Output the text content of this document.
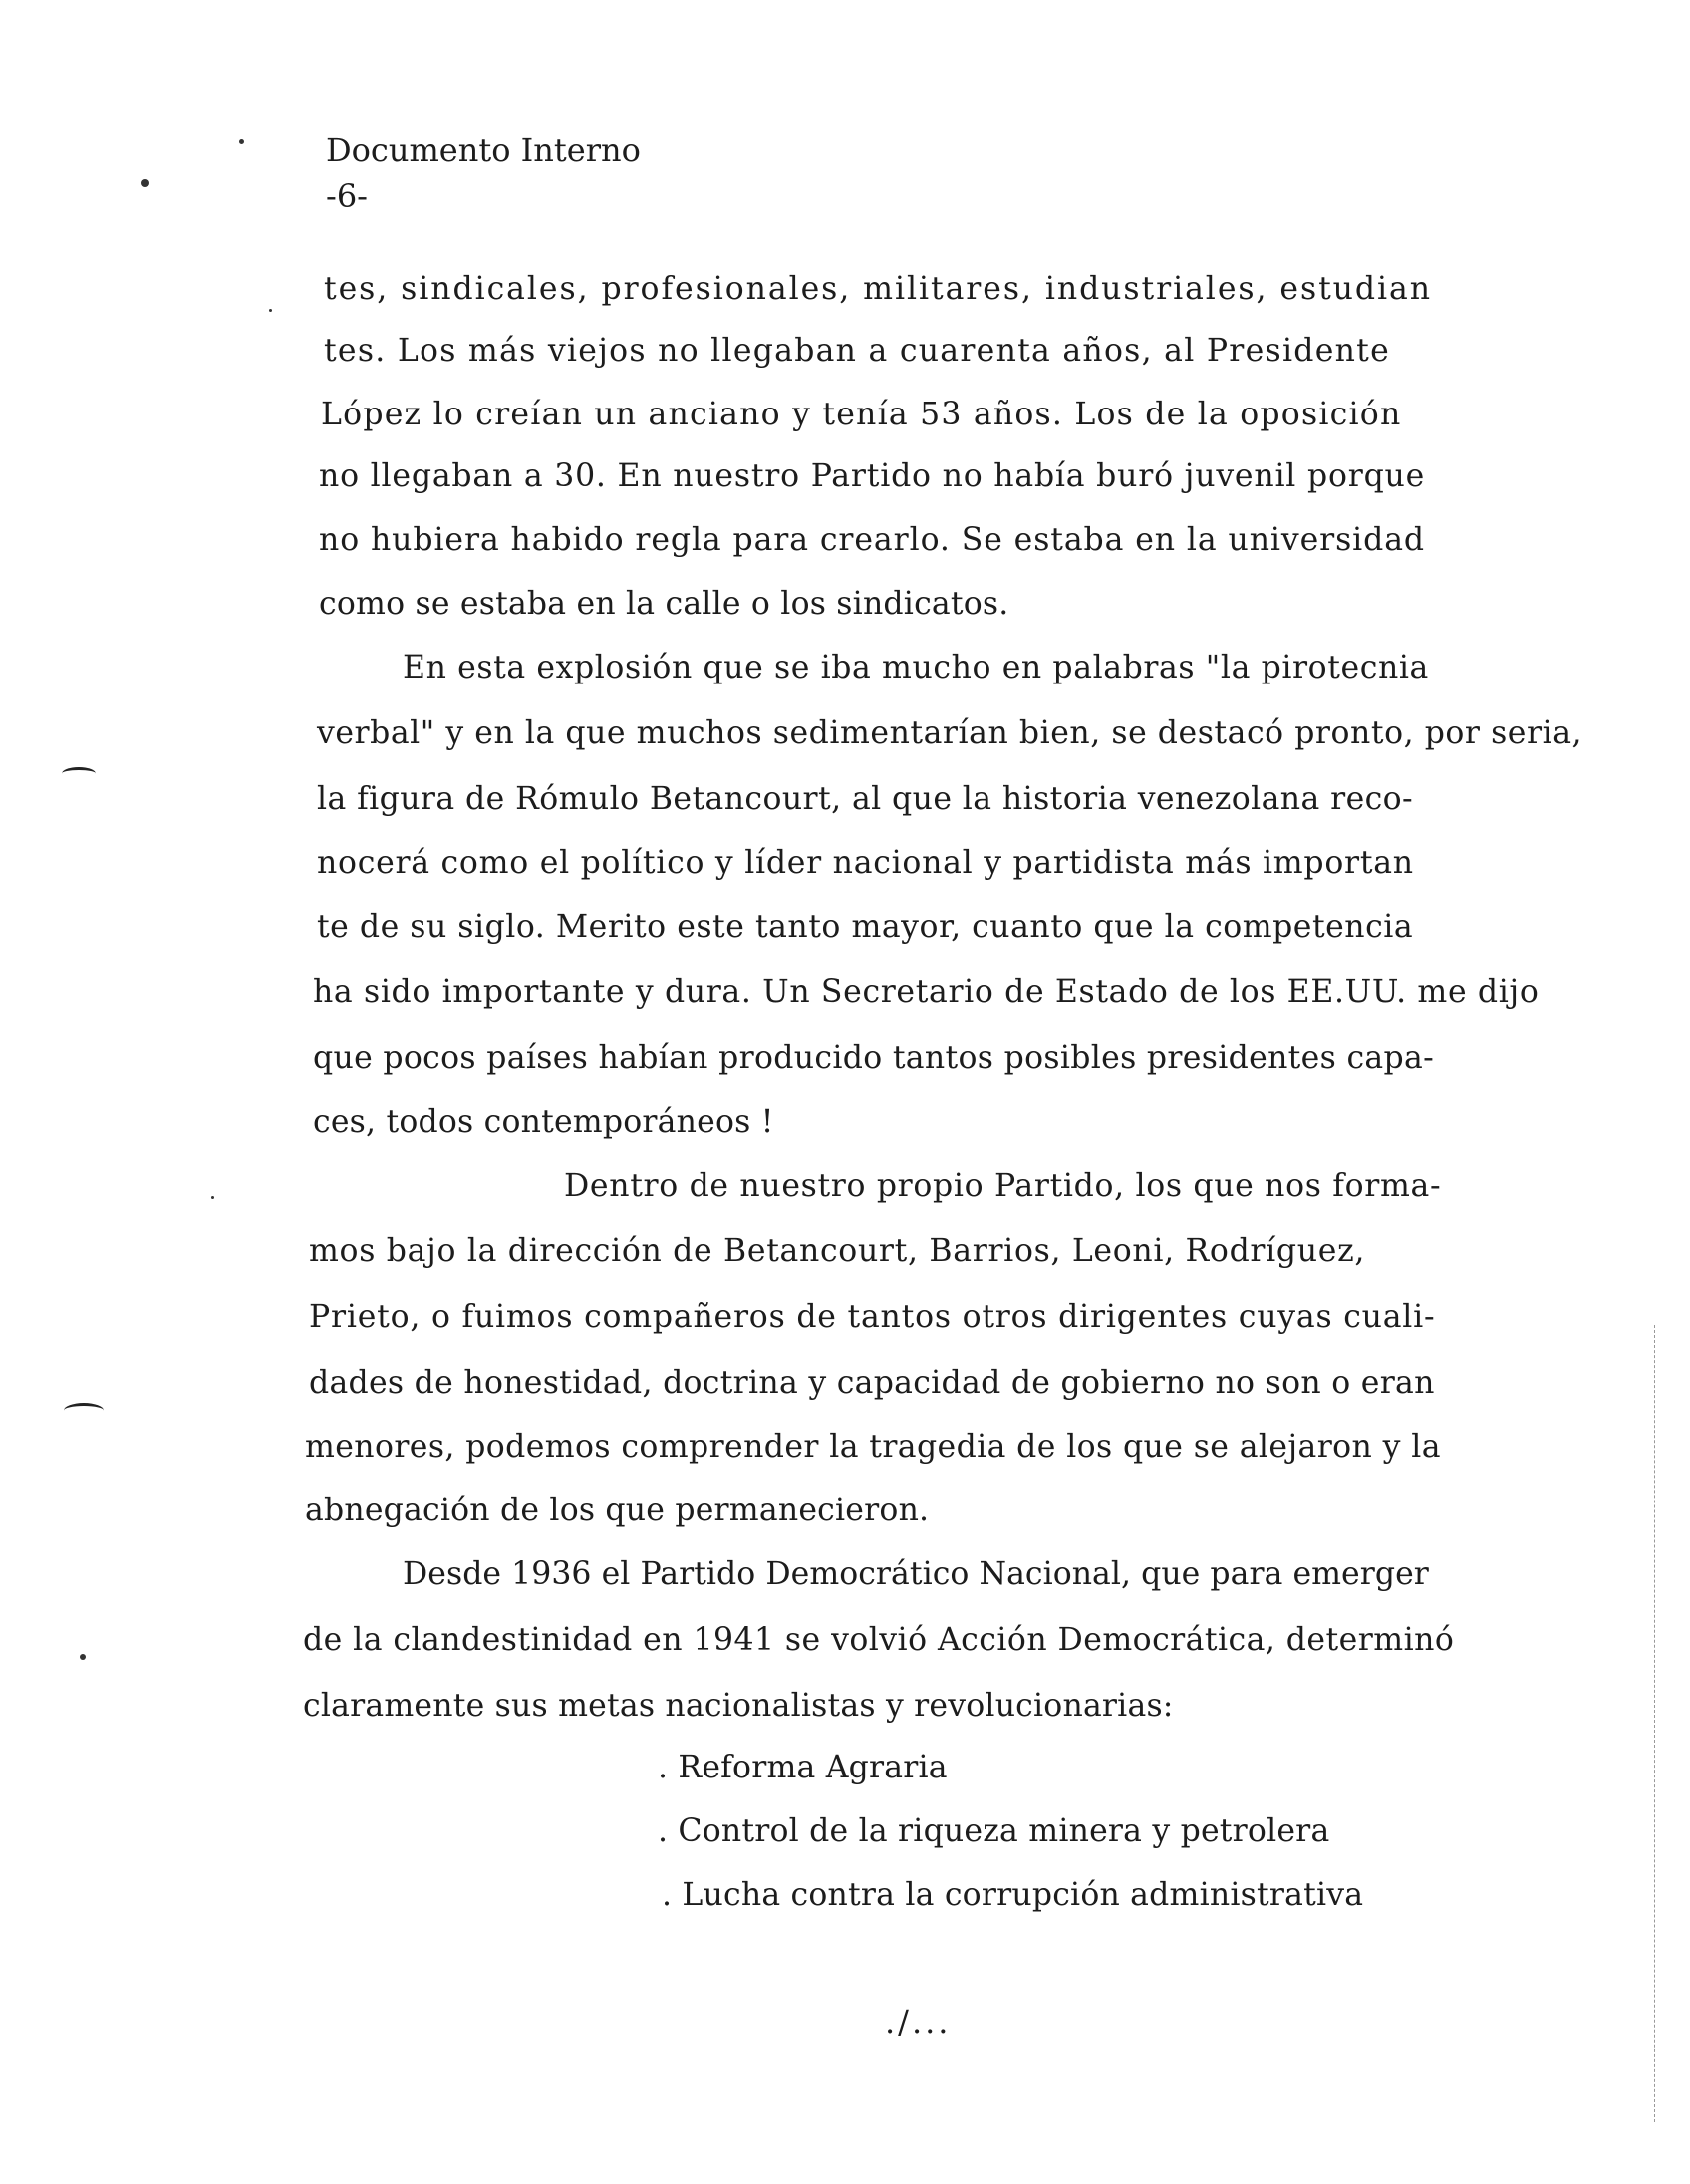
Documento Interno
-6-
tes, sindicales, profesionales, militares, industriales, estudian
tes. Los más viejos no llegaban a cuarenta años, al Presidente
López lo creían un anciano y tenía 53 años. Los de la oposición
no llegaban a 30. En nuestro Partido no había buró juvenil porque
no hubiera habido regla para crearlo. Se estaba en la universidad
como se estaba en la calle o los sindicatos.
En esta explosión que se iba mucho en palabras "la pirotecnia
verbal" y en la que muchos sedimentarían bien, se destacó pronto, por seria,
la figura de Rómulo Betancourt, al que la historia venezolana reco-
nocerá como el político y líder nacional y partidista más importan
te de su siglo. Merito este tanto mayor, cuanto que la competencia
ha sido importante y dura. Un Secretario de Estado de los EE.UU. me dijo
que pocos países habían producido tantos posibles presidentes capa-
ces, todos contemporáneos !
Dentro de nuestro propio Partido, los que nos forma-
mos bajo la dirección de Betancourt, Barrios, Leoni, Rodríguez,
Prieto, o fuimos compañeros de tantos otros dirigentes cuyas cuali-
dades de honestidad, doctrina y capacidad de gobierno no son o eran
menores, podemos comprender la tragedia de los que se alejaron y la
abnegación de los que permanecieron.
Desde 1936 el Partido Democrático Nacional, que para emerger
de la clandestinidad en 1941 se volvió Acción Democrática, determinó
claramente sus metas nacionalistas y revolucionarias:
. Reforma Agraria
. Control de la riqueza minera y petrolera
. Lucha contra la corrupción administrativa
./...
